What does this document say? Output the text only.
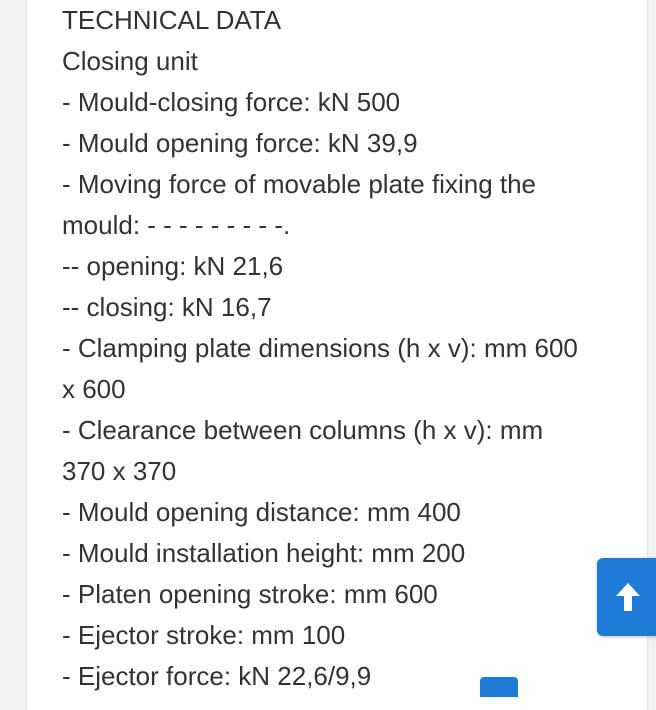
TECHNICAL DATA
Closing unit
- Mould-closing force: kN 500
- Mould opening force: kN 39,9
- Moving force of movable plate fixing the
mould: - - - - - - - - -.
-- opening: kN 21,6
-- closing: kN 16,7
- Clamping plate dimensions (h x v): mm 600
x 600
- Clearance between columns (h x v): mm
370 x 370
- Mould opening distance: mm 400
- Mould installation height: mm 200
- Platen opening stroke: mm 600
- Ejector stroke: mm 100
- Ejector force: kN 22,6/9,9
